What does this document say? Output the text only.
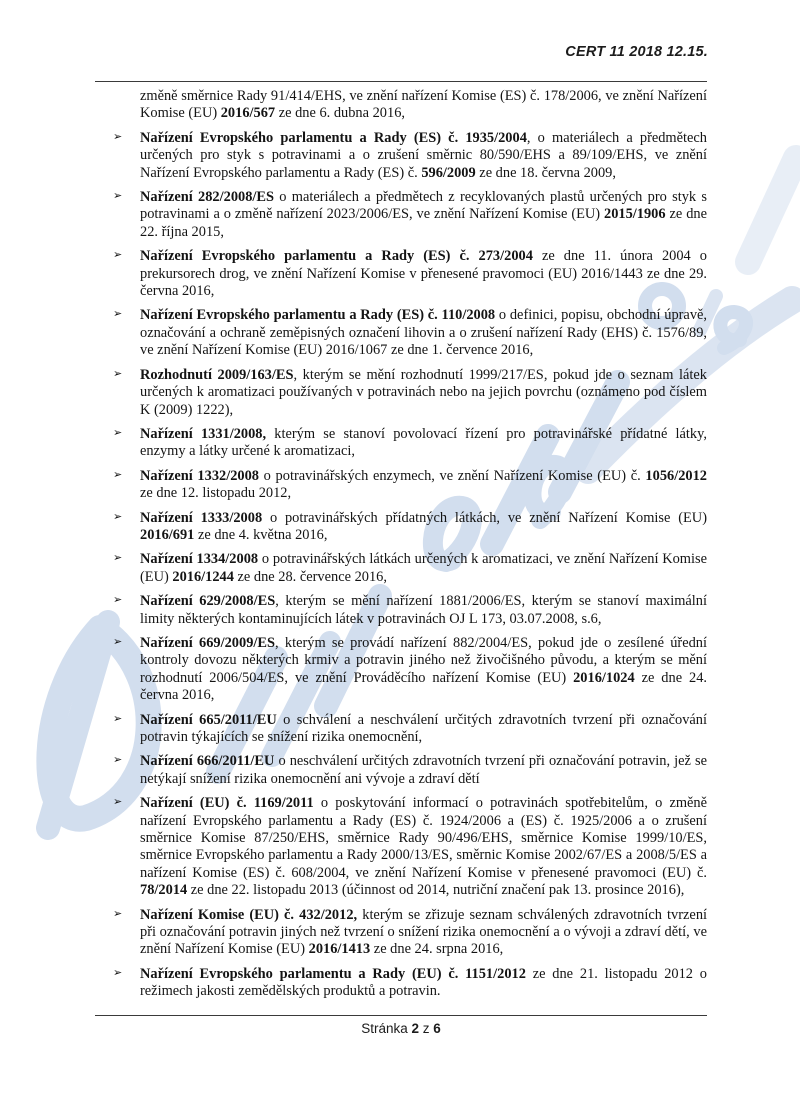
CERT 11 2018 12.15.
změně směrnice Rady 91/414/EHS, ve znění nařízení Komise (ES) č. 178/2006, ve znění Nařízení Komise (EU) 2016/567 ze dne 6. dubna 2016,
➢ Nařízení Evropského parlamentu a Rady (ES) č. 1935/2004, o materiálech a předmětech určených pro styk s potravinami a o zrušení směrnic 80/590/EHS a 89/109/EHS, ve znění Nařízení Evropského parlamentu a Rady (ES) č. 596/2009 ze dne 18. června 2009,
➢ Nařízení 282/2008/ES o materiálech a předmětech z recyklovaných plastů určených pro styk s potravinami a o změně nařízení 2023/2006/ES, ve znění Nařízení Komise (EU) 2015/1906 ze dne 22. října 2015,
➢ Nařízení Evropského parlamentu a Rady (ES) č. 273/2004 ze dne 11. února 2004 o prekursorech drog, ve znění Nařízení Komise v přenesené pravomoci (EU) 2016/1443 ze dne 29. června 2016,
➢ Nařízení Evropského parlamentu a Rady (ES) č. 110/2008 o definici, popisu, obchodní úpravě, označování a ochraně zeměpisných označení lihovin a o zrušení nařízení Rady (EHS) č. 1576/89, ve znění Nařízení Komise (EU) 2016/1067 ze dne 1. července 2016,
➢ Rozhodnutí 2009/163/ES, kterým se mění rozhodnutí 1999/217/ES, pokud jde o seznam látek určených k aromatizaci používaných v potravinách nebo na jejich povrchu (oznámeno pod číslem K (2009) 1222),
➢ Nařízení 1331/2008, kterým se stanoví povolovací řízení pro potravinářské přídatné látky, enzymy a látky určené k aromatizaci,
➢ Nařízení 1332/2008 o potravinářských enzymech, ve znění Nařízení Komise (EU) č. 1056/2012 ze dne 12. listopadu 2012,
➢ Nařízení 1333/2008 o potravinářských přídatných látkách, ve znění Nařízení Komise (EU) 2016/691 ze dne 4. května 2016,
➢ Nařízení 1334/2008 o potravinářských látkách určených k aromatizaci, ve znění Nařízení Komise (EU) 2016/1244 ze dne 28. července 2016,
➢ Nařízení 629/2008/ES, kterým se mění nařízení 1881/2006/ES, kterým se stanoví maximální limity některých kontaminujících látek v potravinách OJ L 173, 03.07.2008, s.6,
➢ Nařízení 669/2009/ES, kterým se provádí nařízení 882/2004/ES, pokud jde o zesílené úřední kontroly dovozu některých krmiv a potravin jiného než živočišného původu, a kterým se mění rozhodnutí 2006/504/ES, ve znění Prováděcího nařízení Komise (EU) 2016/1024 ze dne 24. června 2016,
➢ Nařízení 665/2011/EU o schválení a neschválení určitých zdravotních tvrzení při označování potravin týkajících se snížení rizika onemocnění,
➢ Nařízení 666/2011/EU o neschválení určitých zdravotních tvrzení při označování potravin, jež se netýkají snížení rizika onemocnění ani vývoje a zdraví dětí
➢ Nařízení (EU) č. 1169/2011 o poskytování informací o potravinách spotřebitelům, o změně nařízení Evropského parlamentu a Rady (ES) č. 1924/2006 a (ES) č. 1925/2006 a o zrušení směrnice Komise 87/250/EHS, směrnice Rady 90/496/EHS, směrnice Komise 1999/10/ES, směrnice Evropského parlamentu a Rady 2000/13/ES, směrnic Komise 2002/67/ES a 2008/5/ES a nařízení Komise (ES) č. 608/2004, ve znění Nařízení Komise v přenesené pravomoci (EU) č. 78/2014 ze dne 22. listopadu 2013 (účinnost od 2014, nutriční značení pak 13. prosince 2016),
➢ Nařízení Komise (EU) č. 432/2012, kterým se zřizuje seznam schválených zdravotních tvrzení při označování potravin jiných než tvrzení o snížení rizika onemocnění a o vývoji a zdraví dětí, ve znění Nařízení Komise (EU) 2016/1413 ze dne 24. srpna 2016,
➢ Nařízení Evropského parlamentu a Rady (EU) č. 1151/2012 ze dne 21. listopadu 2012 o režimech jakosti zemědělských produktů a potravin.
Stránka 2 z 6
